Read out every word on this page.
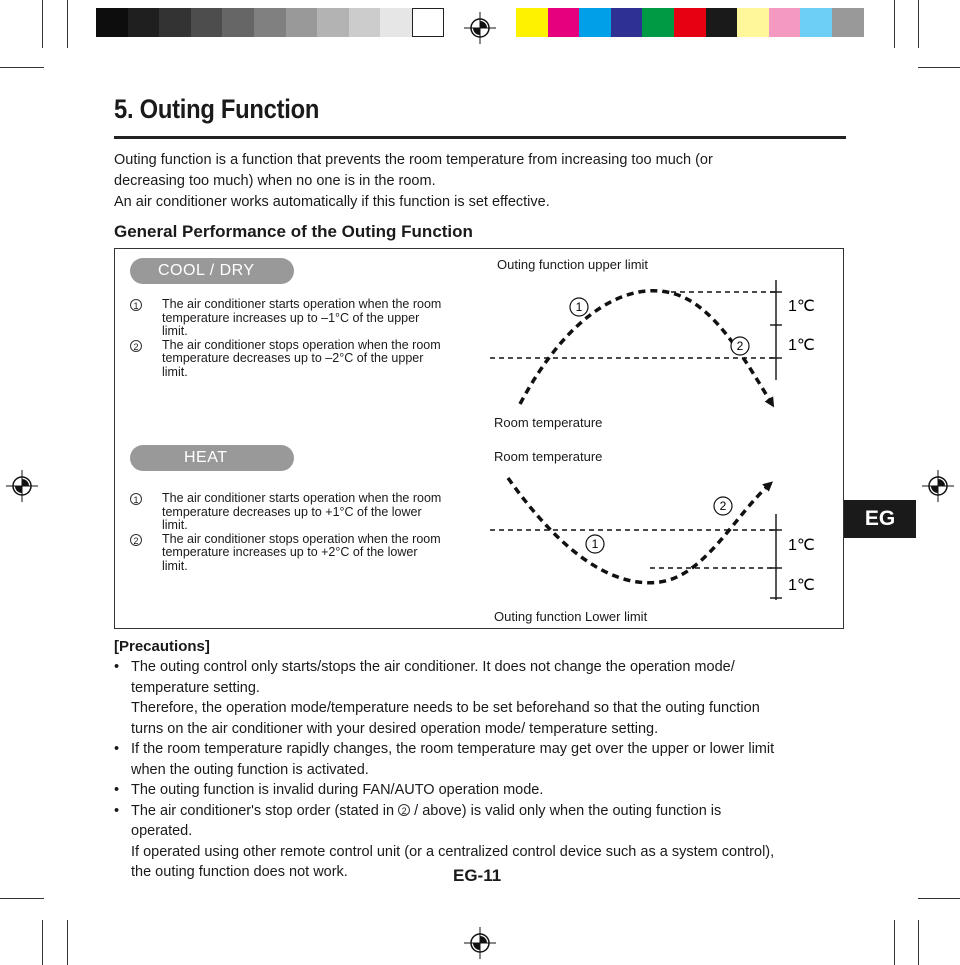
5. Outing Function
Outing function is a function that prevents the room temperature from increasing too much (or
decreasing too much) when no one is in the room.
An air conditioner works automatically if this function is set effective.
General Performance of the Outing Function
COOL / DRY
1 The air conditioner starts operation when the room
temperature increases up to –1°C of the upper
limit.
2 The air conditioner stops operation when the room
temperature decreases up to –2°C of the upper
limit.
Outing function upper limit
Room temperature
1
2
1℃
1℃
HEAT
1 The air conditioner starts operation when the room
temperature decreases up to +1°C of the lower
limit.
2 The air conditioner stops operation when the room
temperature increases up to +2°C of the lower
limit.
Room temperature
Outing function Lower limit
1
2
1℃
1℃
[Precautions]
• The outing control only starts/stops the air conditioner. It does not change the operation mode/
temperature setting.
Therefore, the operation mode/temperature needs to be set beforehand so that the outing function
turns on the air conditioner with your desired operation mode/ temperature setting.
• If the room temperature rapidly changes, the room temperature may get over the upper or lower limit
when the outing function is activated.
• The outing function is invalid during FAN/AUTO operation mode.
• The air conditioner's stop order (stated in 2 / above) is valid only when the outing function is
operated.
If operated using other remote control unit (or a centralized control device such as a system control),
the outing function does not work.	EG-11
EG
